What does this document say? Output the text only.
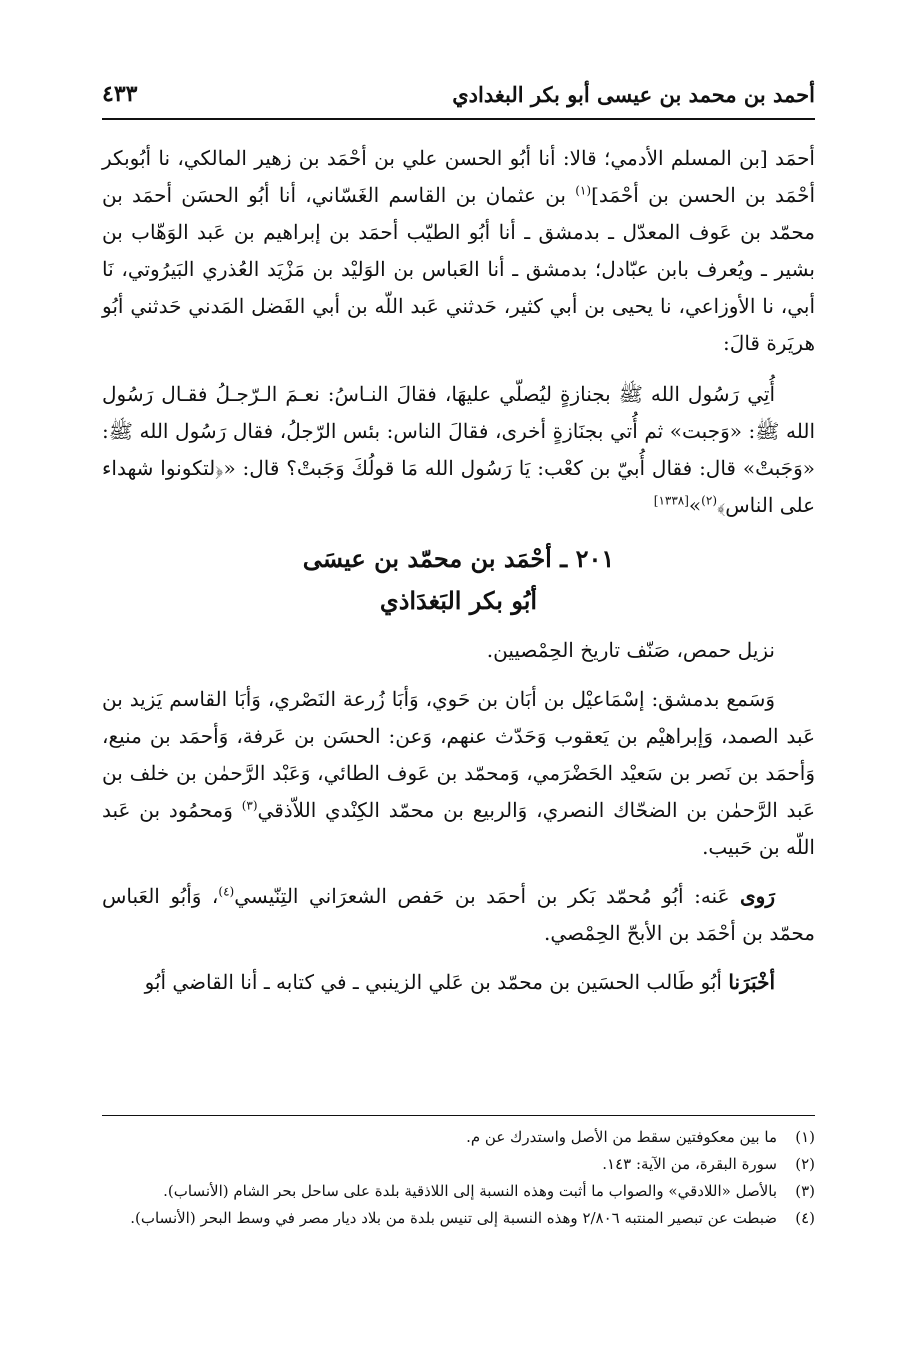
أحمد بن محمد بن عيسى أبو بكر البغدادي
٤٣٣

أحمَد [بن المسلم الأدمي؛ قالا: أنا أبُو الحسن علي بن أحْمَد بن زهير المالكي، نا أبُوبكر أحْمَد بن الحسن بن أحْمَد]$^{(١)}$ بن عثمان بن القاسم الغَسّاني، أنا أبُو الحسَن أحمَد بن محمّد بن عَوف المعدّل ـ بدمشق ـ أنا أبُو الطيّب أحمَد بن إبراهيم بن عَبد الوَهّاب بن بشير ـ ويُعرف بابن عبّادل؛ بدمشق ـ أنا العَباس بن الوَليْد بن مَزْيَد العُذري البَيرُوتي، نَا أبي، نا الأوزاعي، نا يحيى بن أبي كثير، حَدثني عَبد اللّه بن أبي الفَضل المَدني حَدثني أبُو هريَرة قالَ:

أُتِي رَسُول الله ﷺ بجنازةٍ ليُصلّي عليهَا، فقالَ النـاسُ: نعـمَ الـرّجـلُ فقـال رَسُول الله ﷺ: «وَجبت» ثم أُتي بجنَازةٍ أخرى، فقالَ الناس: بئس الرّجلُ، فقال رَسُول الله ﷺ: «وَجَبتْ» قال: فقال أُبيّ بن كعْب: يَا رَسُول الله مَا قولُكَ وَجَبتْ؟ قال: «﴿لتكونوا شهداء على الناس﴾$^{(٢)}$»[١٣٣٨]

٢٠١ ـ أحْمَد بن محمّد بن عيسَى
أبُو بكر البَغدَاذي

نزيل حمص، صَنّف تاريخ الحِمْصيين.

وَسَمع بدمشق: إسْمَاعيْل بن أبَان بن حَوي، وَأبَا زُرعة النَصْري، وَأبَا القاسم يَزيد بن عَبد الصمد، وَإبراهيْم بن يَعقوب وَحَدّث عنهم، وَعن: الحسَن بن عَرفة، وَأحمَد بن منيع، وَأحمَد بن نَصر بن سَعيْد الحَضْرَمي، وَمحمّد بن عَوف الطائي، وَعَبْد الرَّحمٰن بن خلف بن عَبد الرَّحمٰن بن الضحّاك النصري، وَالربيع بن محمّد الكِنْدي اللاّذقي$^{(٣)}$ وَمحمُود بن عَبد اللّه بن حَبيب.

رَوى عَنه: أبُو مُحمّد بَكر بن أحمَد بن حَفص الشعرَاني التِنّيسي$^{(٤)}$، وَأبُو العَباس محمّد بن أحْمَد بن الأبحّ الحِمْصي.

أخْبَرَنا أبُو طَالب الحسَين بن محمّد بن عَلي الزينبي ـ في كتابه ـ أنا القاضي أبُو

(١)
ما بين معكوفتين سقط من الأصل واستدرك عن م.
(٢)
سورة البقرة، من الآية: ١٤٣.
(٣)
بالأصل «اللادقي» والصواب ما أثبت وهذه النسبة إلى اللاذقية بلدة على ساحل بحر الشام (الأنساب).
(٤)
ضبطت عن تبصير المنتبه ٢/٨٠٦ وهذه النسبة إلى تنيس بلدة من بلاد ديار مصر في وسط البحر (الأنساب).
